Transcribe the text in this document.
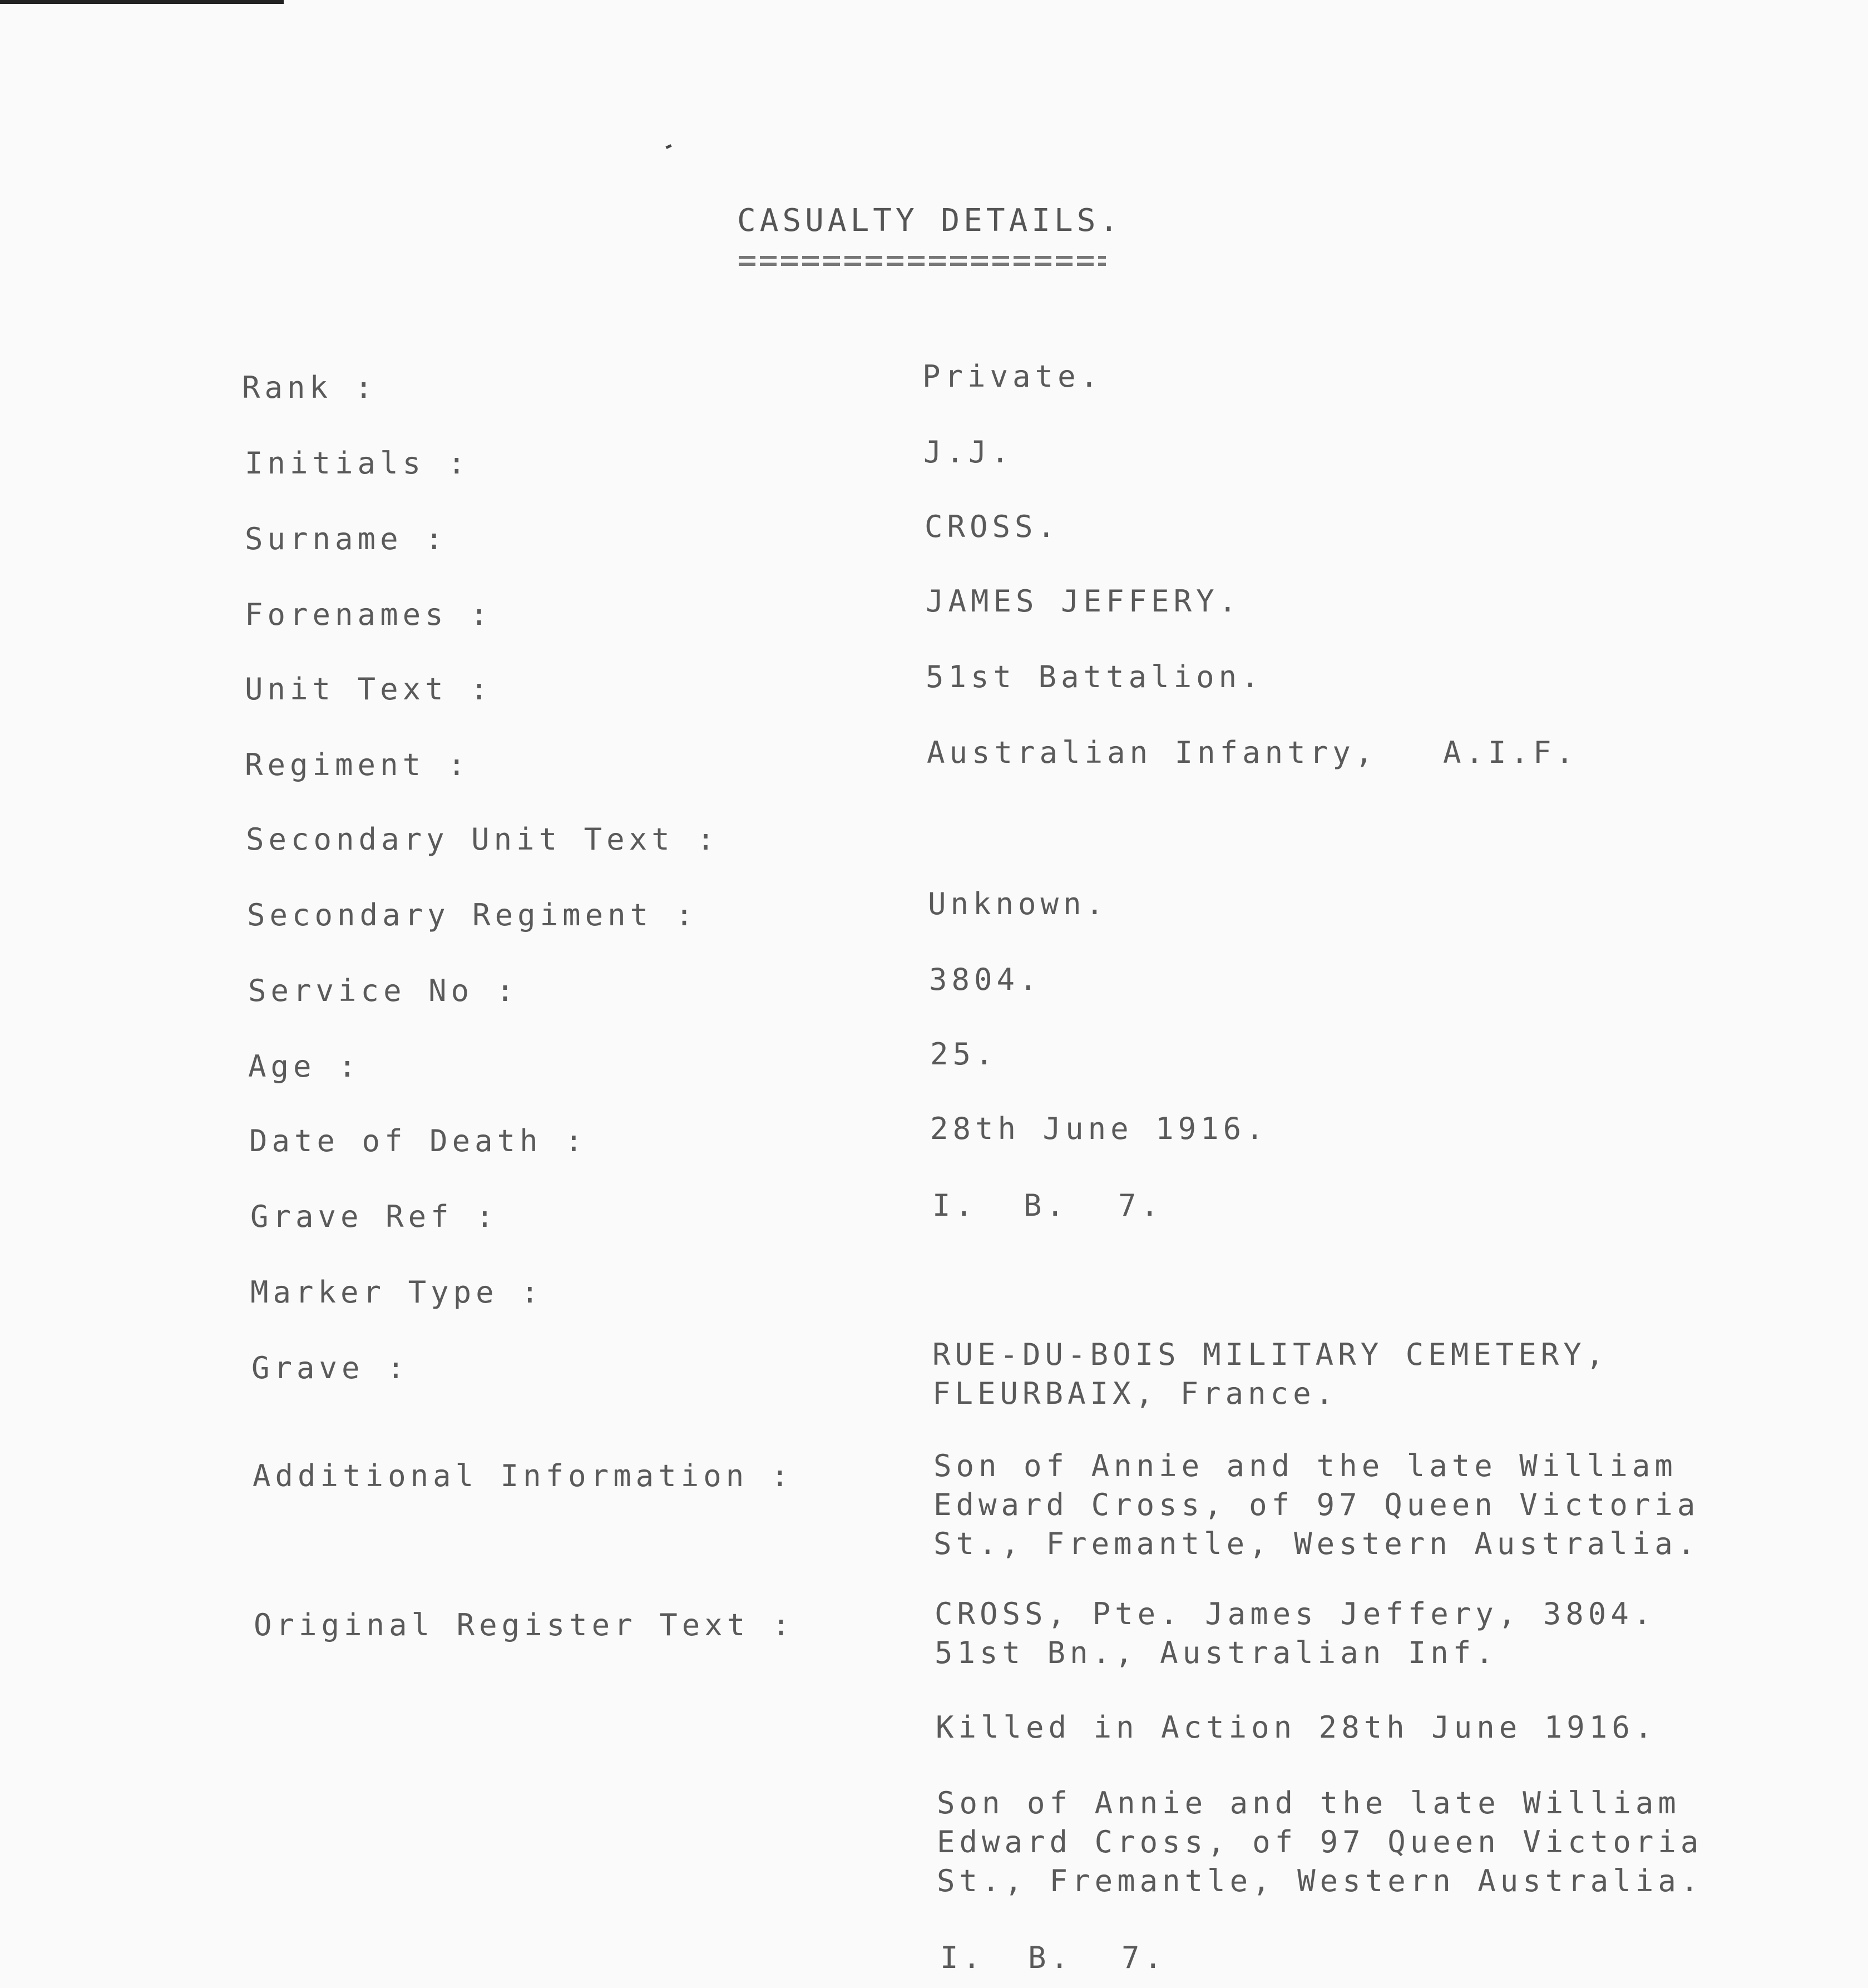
CASUALTY DETAILS.
Rank :	Private.
Initials :	J.J.
Surname :	CROSS.
Forenames :	JAMES JEFFERY.
Unit Text :	51st Battalion.
Regiment :	Australian Infantry, A.I.F.
Secondary Unit Text :
Secondary Regiment :	Unknown.
Service No :	3804.
Age :	25.
Date of Death :	28th June 1916.
Grave Ref :	I. B. 7.
Marker Type :
Grave :	RUE-DU-BOIS MILITARY CEMETERY,
FLEURBAIX, France.
Additional Information :	Son of Annie and the late William
Edward Cross, of 97 Queen Victoria
St., Fremantle, Western Australia.
Original Register Text :	CROSS, Pte. James Jeffery, 3804.
51st Bn., Australian Inf.
Killed in Action 28th June 1916.
Son of Annie and the late William
Edward Cross, of 97 Queen Victoria
St., Fremantle, Western Australia.
I. B. 7.
